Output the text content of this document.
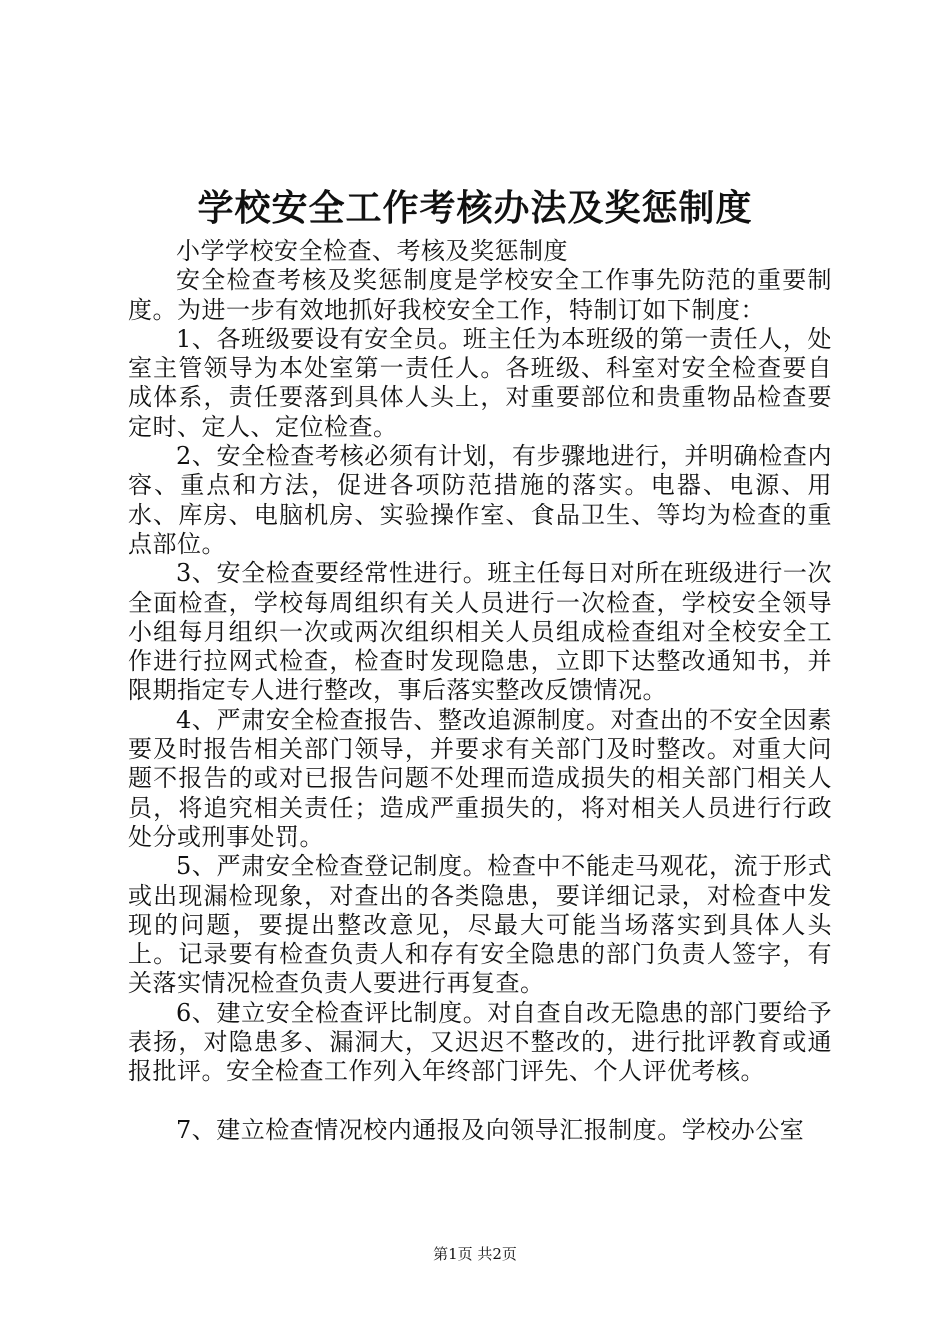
学校安全工作考核办法及奖惩制度

小学学校安全检查、考核及奖惩制度

安全检查考核及奖惩制度是学校安全工作事先防范的重要制度。为进一步有效地抓好我校安全工作，特制订如下制度：

1、各班级要设有安全员。班主任为本班级的第一责任人，处室主管领导为本处室第一责任人。各班级、科室对安全检查要自成体系，责任要落到具体人头上，对重要部位和贵重物品检查要定时、定人、定位检查。

2、安全检查考核必须有计划，有步骤地进行，并明确检查内容、重点和方法，促进各项防范措施的落实。电器、电源、用水、库房、电脑机房、实验操作室、食品卫生、等均为检查的重点部位。

3、安全检查要经常性进行。班主任每日对所在班级进行一次全面检查，学校每周组织有关人员进行一次检查，学校安全领导小组每月组织一次或两次组织相关人员组成检查组对全校安全工作进行拉网式检查，检查时发现隐患，立即下达整改通知书，并限期指定专人进行整改，事后落实整改反馈情况。

4、严肃安全检查报告、整改追源制度。对查出的不安全因素要及时报告相关部门领导，并要求有关部门及时整改。对重大问题不报告的或对已报告问题不处理而造成损失的相关部门相关人员，将追究相关责任；造成严重损失的，将对相关人员进行行政处分或刑事处罚。

5、严肃安全检查登记制度。检查中不能走马观花，流于形式或出现漏检现象，对查出的各类隐患，要详细记录，对检查中发现的问题，要提出整改意见，尽最大可能当场落实到具体人头上。记录要有检查负责人和存有安全隐患的部门负责人签字，有关落实情况检查负责人要进行再复查。

6、建立安全检查评比制度。对自查自改无隐患的部门要给予表扬，对隐患多、漏洞大，又迟迟不整改的，进行批评教育或通报批评。安全检查工作列入年终部门评先、个人评优考核。

7、建立检查情况校内通报及向领导汇报制度。学校办公室

第1页 共2页
